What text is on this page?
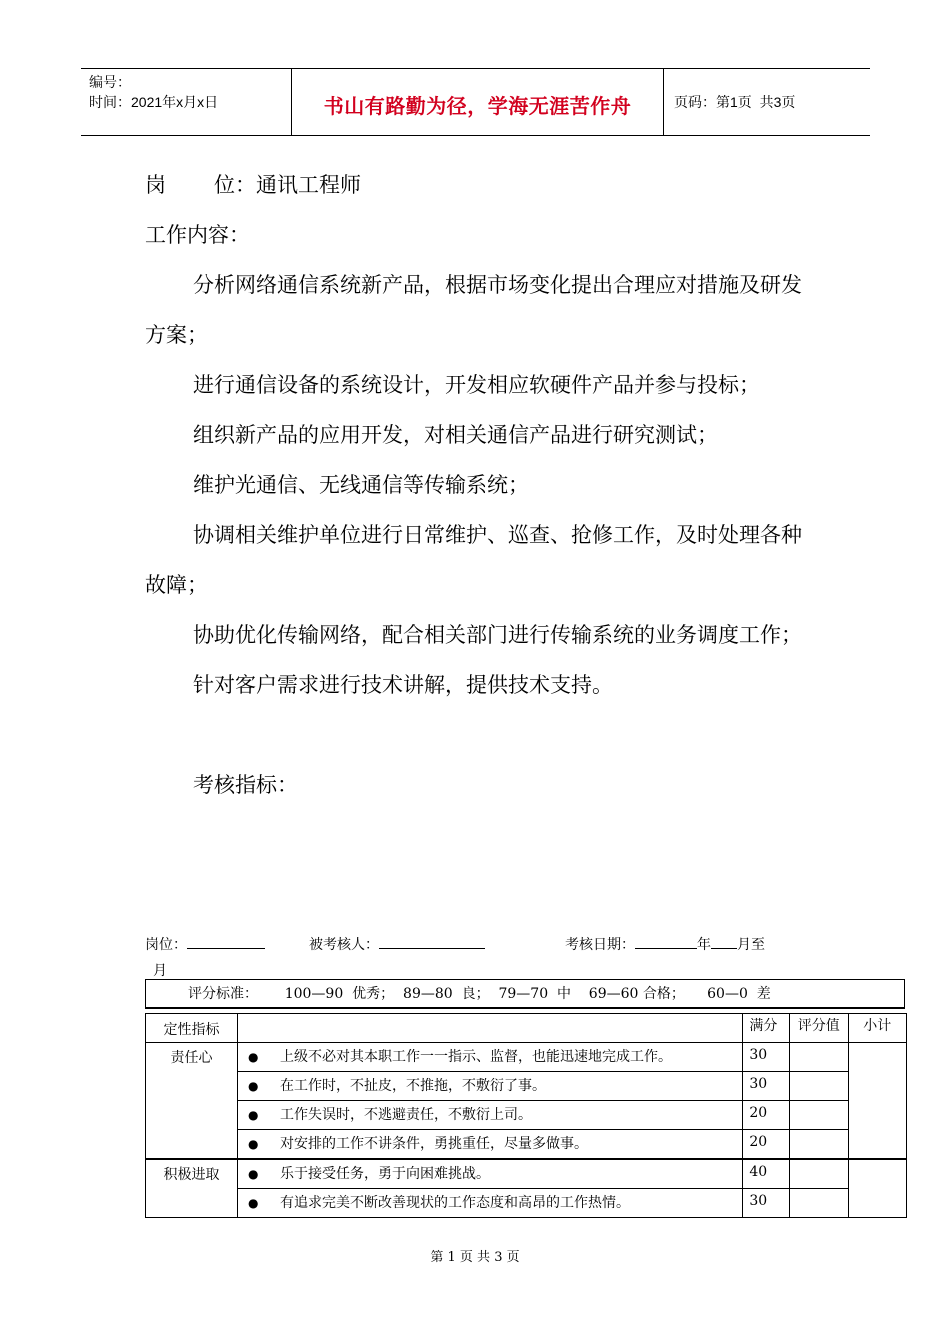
编号：
时间：2021年x月x日	书山有路勤为径，学海无涯苦作舟	页码：第1页  共3页

岗 位：通讯工程师

工作内容：

分析网络通信系统新产品，根据市场变化提出合理应对措施及研发方案；

进行通信设备的系统设计，开发相应软硬件产品并参与投标；

组织新产品的应用开发，对相关通信产品进行研究测试；

维护光通信、无线通信等传输系统；

协调相关维护单位进行日常维护、巡查、抢修工作，及时处理各种故障；

协助优化传输网络，配合相关部门进行传输系统的业务调度工作；

针对客户需求进行技术讲解，提供技术支持。

考核指标：

岗位：	被考核人：	考核日期：	年 月至
月
评分标准：      100—90  优秀；  89—80  良；  79—70  中    69—60 合格；     60—0  差
定性指标		满分	评分值	小计
责任心	● 上级不必对其本职工作一一指示、监督，也能迅速地完成工作。	30		

	● 在工作时，不扯皮，不推拖，不敷衍了事。	30		

	● 工作失误时，不逃避责任，不敷衍上司。	20		

	● 对安排的工作不讲条件，勇挑重任，尽量多做事。	20		
积极进取	● 乐于接受任务，勇于向困难挑战。	40		

	● 有追求完美不断改善现状的工作态度和高昂的工作热情。	30		
第 1 页 共 3 页
